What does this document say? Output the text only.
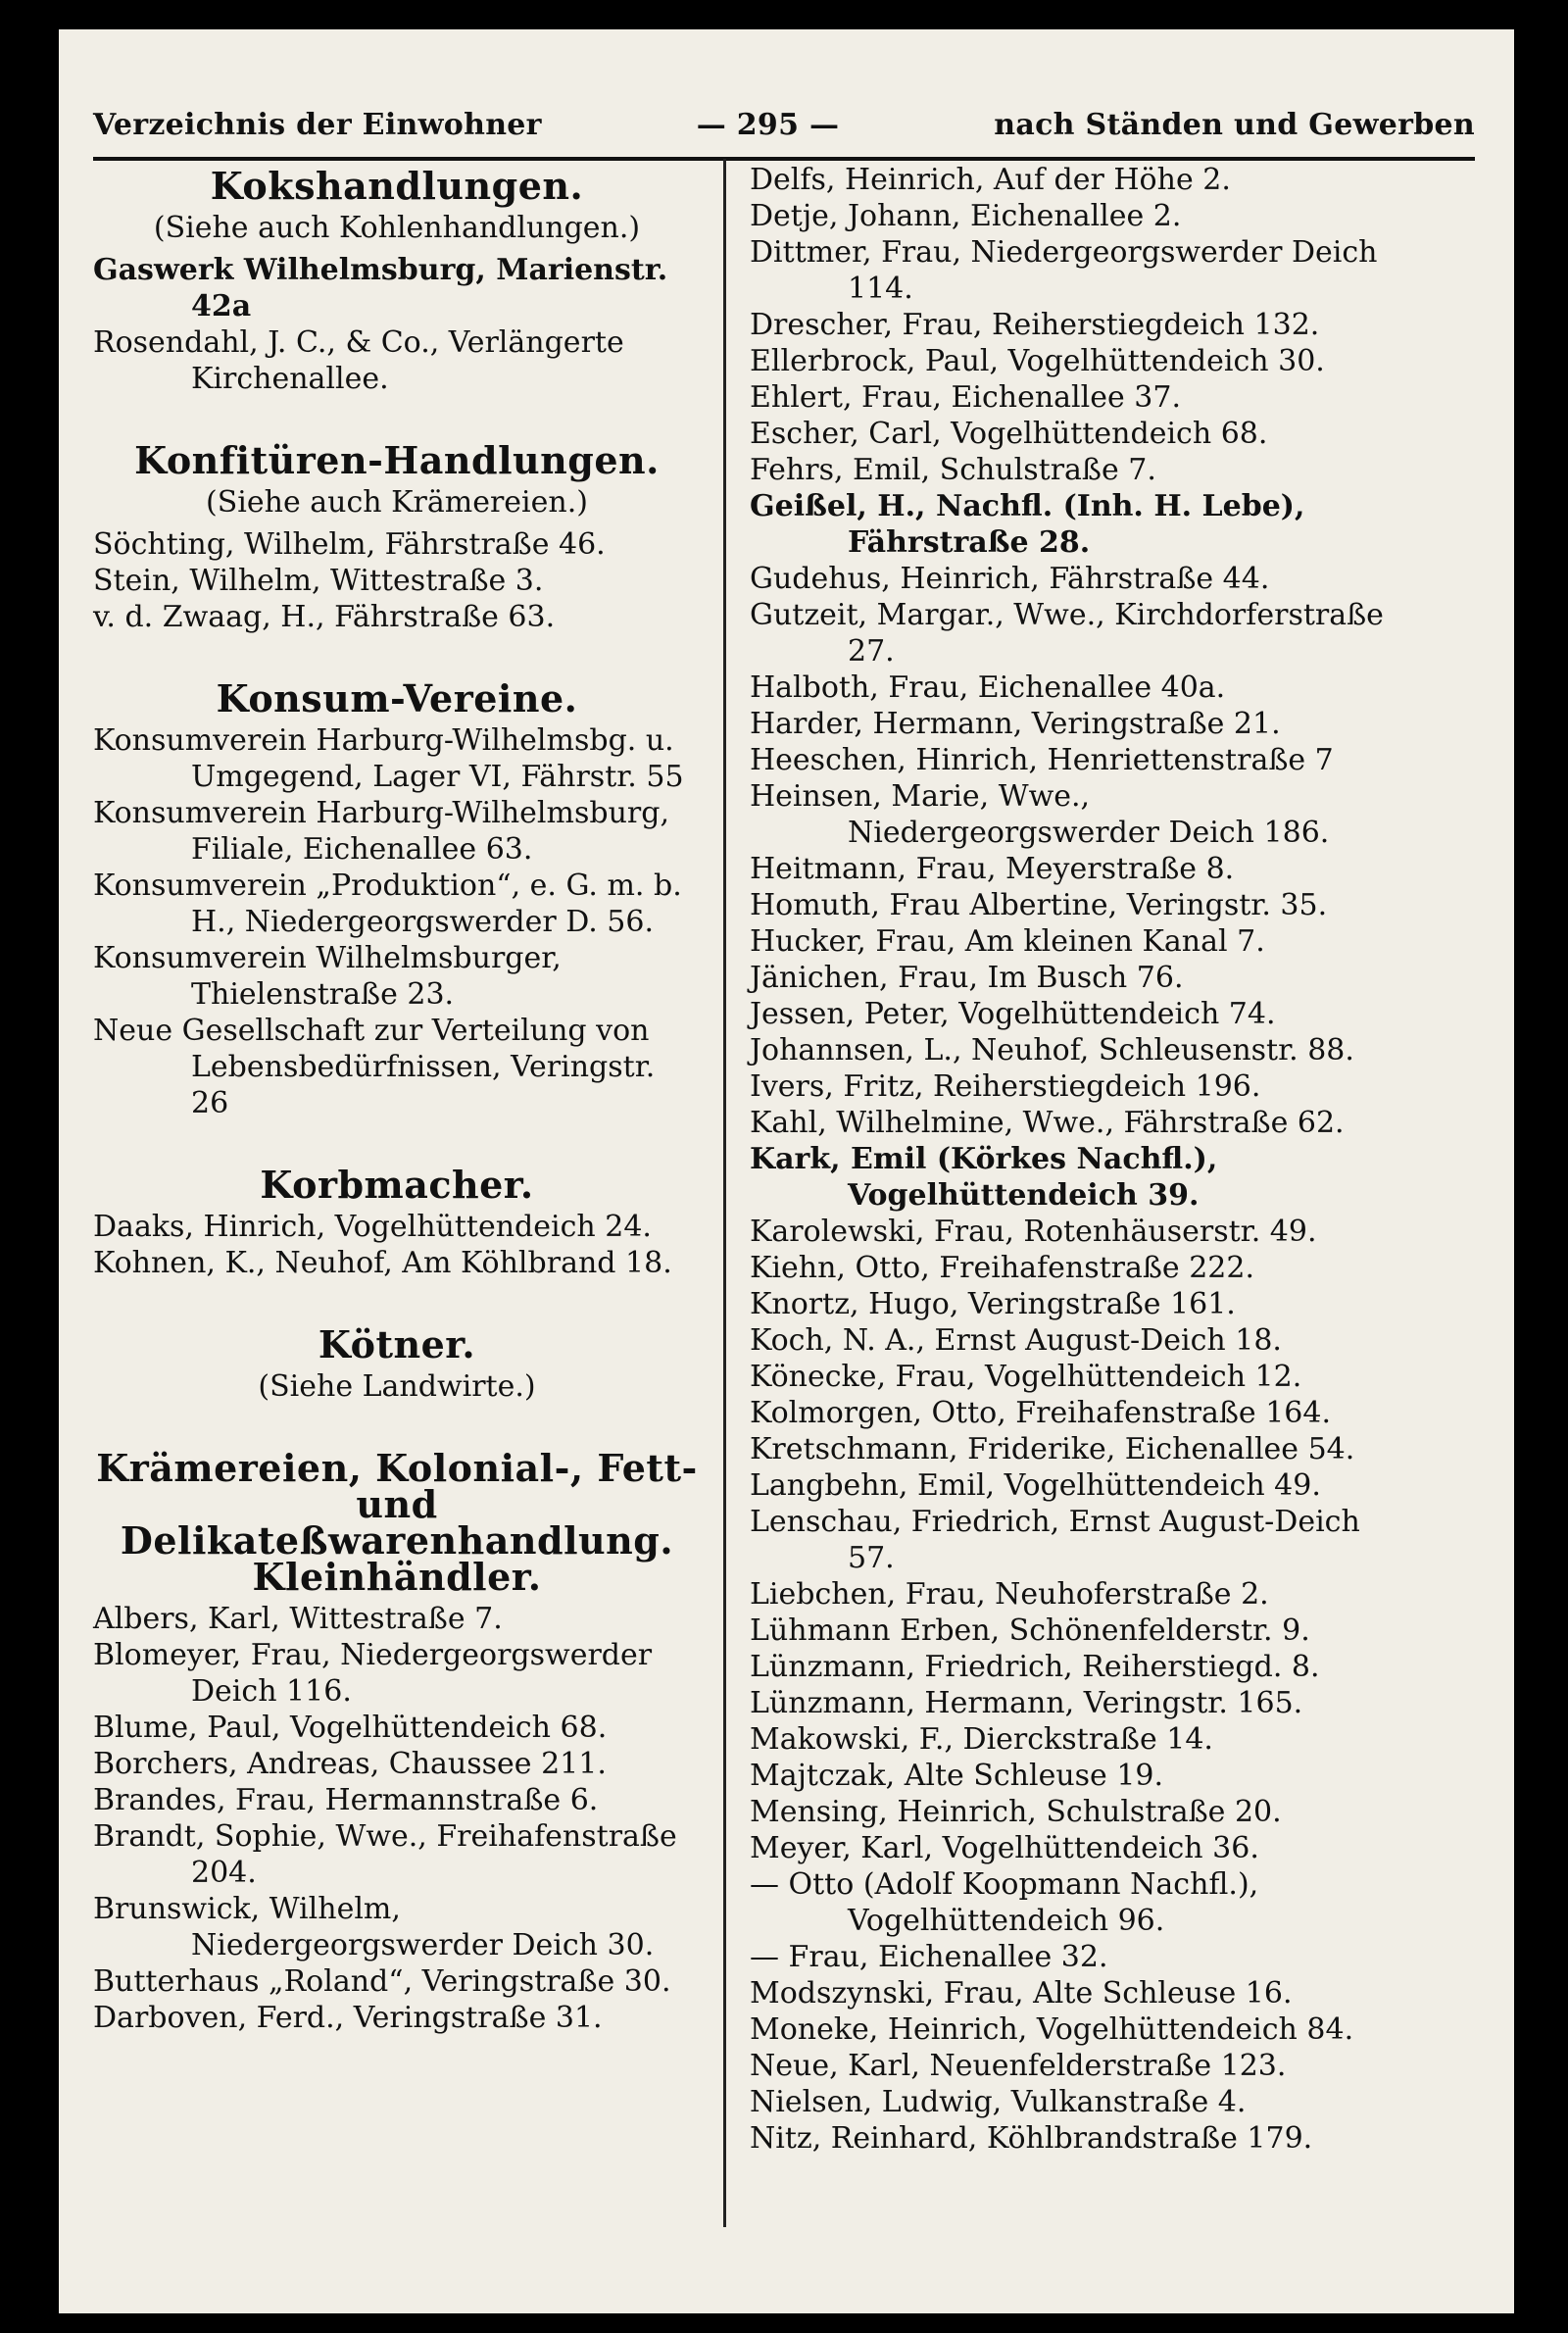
Verzeichnis der Einwohner	— 295 —	nach Ständen und Gewerben
Kokshandlungen.
(Siehe auch Kohlenhandlungen.)
Gaswerk Wilhelmsburg, Marienstr. 42a
Rosendahl, J. C., & Co., Verlängerte Kirchenallee.
Konfitüren-Handlungen.
(Siehe auch Krämereien.)
Söchting, Wilhelm, Fährstraße 46.
Stein, Wilhelm, Wittestraße 3.
v. d. Zwaag, H., Fährstraße 63.
Konsum-Vereine.
Konsumverein Harburg-Wilhelmsbg. u. Umgegend, Lager VI, Fährstr. 55
Konsumverein Harburg-Wilhelmsburg, Filiale, Eichenallee 63.
Konsumverein „Produktion“, e. G. m. b. H., Niedergeorgswerder D. 56.
Konsumverein Wilhelmsburger, Thielenstraße 23.
Neue Gesellschaft zur Verteilung von Lebensbedürfnissen, Veringstr. 26
Korbmacher.
Daaks, Hinrich, Vogelhüttendeich 24.
Kohnen, K., Neuhof, Am Köhlbrand 18.
Kötner.
(Siehe Landwirte.)
Krämereien, Kolonial-, Fett- und Delikateßwarenhandlung. Kleinhändler.
Albers, Karl, Wittestraße 7.
Blomeyer, Frau, Niedergeorgswerder Deich 116.
Blume, Paul, Vogelhüttendeich 68.
Borchers, Andreas, Chaussee 211.
Brandes, Frau, Hermannstraße 6.
Brandt, Sophie, Wwe., Freihafenstraße 204.
Brunswick, Wilhelm, Niedergeorgswerder Deich 30.
Butterhaus „Roland“, Veringstraße 30.
Darboven, Ferd., Veringstraße 31.
Delfs, Heinrich, Auf der Höhe 2.
Detje, Johann, Eichenallee 2.
Dittmer, Frau, Niedergeorgswerder Deich 114.
Drescher, Frau, Reiherstiegdeich 132.
Ellerbrock, Paul, Vogelhüttendeich 30.
Ehlert, Frau, Eichenallee 37.
Escher, Carl, Vogelhüttendeich 68.
Fehrs, Emil, Schulstraße 7.
Geißel, H., Nachfl. (Inh. H. Lebe), Fährstraße 28.
Gudehus, Heinrich, Fährstraße 44.
Gutzeit, Margar., Wwe., Kirchdorferstraße 27.
Halboth, Frau, Eichenallee 40a.
Harder, Hermann, Veringstraße 21.
Heeschen, Hinrich, Henriettenstraße 7
Heinsen, Marie, Wwe., Niedergeorgswerder Deich 186.
Heitmann, Frau, Meyerstraße 8.
Homuth, Frau Albertine, Veringstr. 35.
Hucker, Frau, Am kleinen Kanal 7.
Jänichen, Frau, Im Busch 76.
Jessen, Peter, Vogelhüttendeich 74.
Johannsen, L., Neuhof, Schleusenstr. 88.
Ivers, Fritz, Reiherstiegdeich 196.
Kahl, Wilhelmine, Wwe., Fährstraße 62.
Kark, Emil (Körkes Nachfl.), Vogelhüttendeich 39.
Karolewski, Frau, Rotenhäuserstr. 49.
Kiehn, Otto, Freihafenstraße 222.
Knortz, Hugo, Veringstraße 161.
Koch, N. A., Ernst August-Deich 18.
Könecke, Frau, Vogelhüttendeich 12.
Kolmorgen, Otto, Freihafenstraße 164.
Kretschmann, Friderike, Eichenallee 54.
Langbehn, Emil, Vogelhüttendeich 49.
Lenschau, Friedrich, Ernst August-Deich 57.
Liebchen, Frau, Neuhoferstraße 2.
Lühmann Erben, Schönenfelderstr. 9.
Lünzmann, Friedrich, Reiherstiegd. 8.
Lünzmann, Hermann, Veringstr. 165.
Makowski, F., Dierckstraße 14.
Majtczak, Alte Schleuse 19.
Mensing, Heinrich, Schulstraße 20.
Meyer, Karl, Vogelhüttendeich 36.
— Otto (Adolf Koopmann Nachfl.), Vogelhüttendeich 96.
— Frau, Eichenallee 32.
Modszynski, Frau, Alte Schleuse 16.
Moneke, Heinrich, Vogelhüttendeich 84.
Neue, Karl, Neuenfelderstraße 123.
Nielsen, Ludwig, Vulkanstraße 4.
Nitz, Reinhard, Köhlbrandstraße 179.
